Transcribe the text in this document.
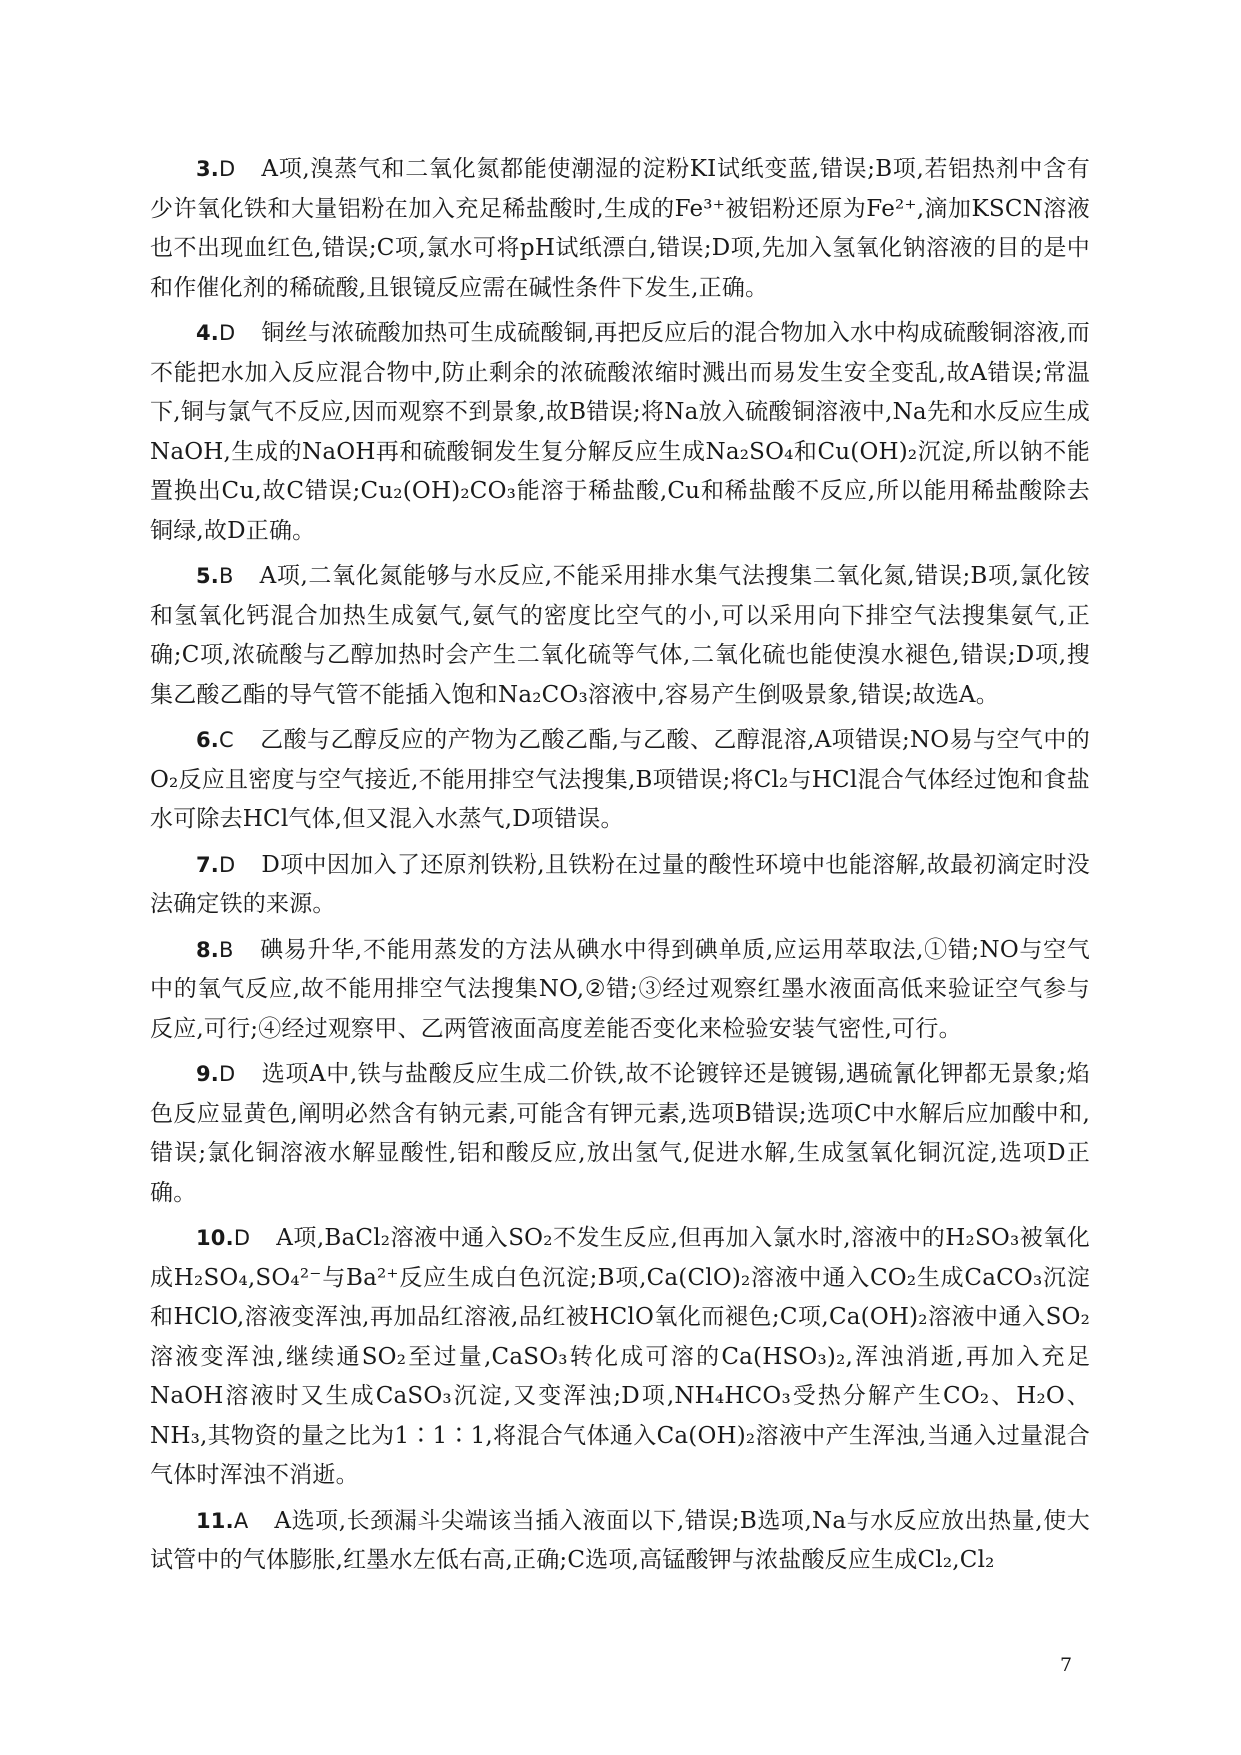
3.D A项,溴蒸气和二氧化氮都能使潮湿的淀粉KI试纸变蓝,错误;B项,若铝热剂中含有少许氧化铁和大量铝粉在加入充足稀盐酸时,生成的Fe³⁺被铝粉还原为Fe²⁺,滴加KSCN溶液也不出现血红色,错误;C项,氯水可将pH试纸漂白,错误;D项,先加入氢氧化钠溶液的目的是中和作催化剂的稀硫酸,且银镜反应需在碱性条件下发生,正确。

4.D 铜丝与浓硫酸加热可生成硫酸铜,再把反应后的混合物加入水中构成硫酸铜溶液,而不能把水加入反应混合物中,防止剩余的浓硫酸浓缩时溅出而易发生安全变乱,故A错误;常温下,铜与氯气不反应,因而观察不到景象,故B错误;将Na放入硫酸铜溶液中,Na先和水反应生成NaOH,生成的NaOH再和硫酸铜发生复分解反应生成Na₂SO₄和Cu(OH)₂沉淀,所以钠不能置换出Cu,故C错误;Cu₂(OH)₂CO₃能溶于稀盐酸,Cu和稀盐酸不反应,所以能用稀盐酸除去铜绿,故D正确。

5.B A项,二氧化氮能够与水反应,不能采用排水集气法搜集二氧化氮,错误;B项,氯化铵和氢氧化钙混合加热生成氨气,氨气的密度比空气的小,可以采用向下排空气法搜集氨气,正确;C项,浓硫酸与乙醇加热时会产生二氧化硫等气体,二氧化硫也能使溴水褪色,错误;D项,搜集乙酸乙酯的导气管不能插入饱和Na₂CO₃溶液中,容易产生倒吸景象,错误;故选A。

6.C 乙酸与乙醇反应的产物为乙酸乙酯,与乙酸、乙醇混溶,A项错误;NO易与空气中的O₂反应且密度与空气接近,不能用排空气法搜集,B项错误;将Cl₂与HCl混合气体经过饱和食盐水可除去HCl气体,但又混入水蒸气,D项错误。

7.D D项中因加入了还原剂铁粉,且铁粉在过量的酸性环境中也能溶解,故最初滴定时没法确定铁的来源。

8.B 碘易升华,不能用蒸发的方法从碘水中得到碘单质,应运用萃取法,①错;NO与空气中的氧气反应,故不能用排空气法搜集NO,②错;③经过观察红墨水液面高低来验证空气参与反应,可行;④经过观察甲、乙两管液面高度差能否变化来检验安装气密性,可行。

9.D 选项A中,铁与盐酸反应生成二价铁,故不论镀锌还是镀锡,遇硫氰化钾都无景象;焰色反应显黄色,阐明必然含有钠元素,可能含有钾元素,选项B错误;选项C中水解后应加酸中和,错误;氯化铜溶液水解显酸性,铝和酸反应,放出氢气,促进水解,生成氢氧化铜沉淀,选项D正确。

10.D A项,BaCl₂溶液中通入SO₂不发生反应,但再加入氯水时,溶液中的H₂SO₃被氧化成H₂SO₄,SO₄²⁻与Ba²⁺反应生成白色沉淀;B项,Ca(ClO)₂溶液中通入CO₂生成CaCO₃沉淀和HClO,溶液变浑浊,再加品红溶液,品红被HClO氧化而褪色;C项,Ca(OH)₂溶液中通入SO₂溶液变浑浊,继续通SO₂至过量,CaSO₃转化成可溶的Ca(HSO₃)₂,浑浊消逝,再加入充足NaOH溶液时又生成CaSO₃沉淀,又变浑浊;D项,NH₄HCO₃受热分解产生CO₂、H₂O、NH₃,其物资的量之比为1∶1∶1,将混合气体通入Ca(OH)₂溶液中产生浑浊,当通入过量混合气体时浑浊不消逝。

11.A A选项,长颈漏斗尖端该当插入液面以下,错误;B选项,Na与水反应放出热量,使大试管中的气体膨胀,红墨水左低右高,正确;C选项,高锰酸钾与浓盐酸反应生成Cl₂,Cl₂

7
